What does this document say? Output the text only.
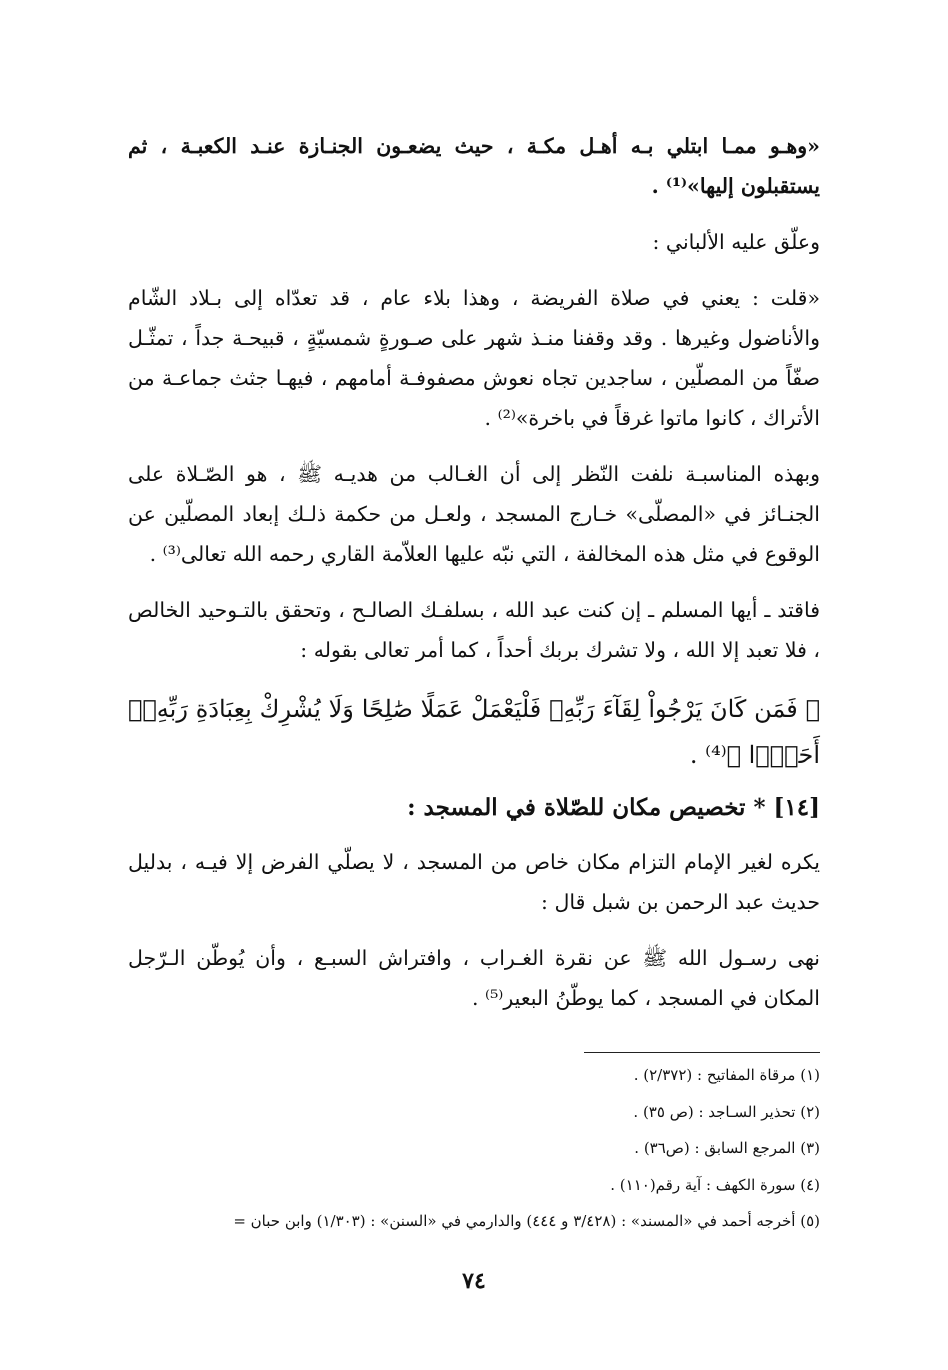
«وهـو ممـا ابتلي بـه أهـل مكـة ، حيث يضعـون الجنـازة عنـد الكعبـة ، ثم يستقبلون إليها»⁽¹⁾ .

وعلّق عليه الألباني :

«قلت : يعني في صلاة الفريضة ، وهذا بلاء عام ، قد تعدّاه إلى بـلاد الشّام والأناضول وغيرها . وقد وقفنا منـذ شهر على صـورةٍ شمسيّةٍ ، قبيحـة جداً ، تمثّـل صفّاً من المصلّين ، ساجدين تجاه نعوش مصفوفـة أمامهم ، فيهـا جثث جماعـة من الأتراك ، كانوا ماتوا غرقاً في باخرة»⁽²⁾ .

وبهذه المناسبـة نلفت النّظر إلى أن الغـالب من هديـه ﷺ ، هو الصّـلاة على الجنـائز في «المصلّى» خـارج المسجد ، ولعـل من حكمة ذلـك إبعاد المصلّين عن الوقوع في مثل هذه المخالفة ، التي نبّه عليها العلاّمة القاري رحمه الله تعالى⁽³⁾ .

فاقتد ـ أيها المسلم ـ إن كنت عبد الله ، بسلفـك الصالـح ، وتحقق بالتـوحيد الخالص ، فلا تعبد إلا الله ، ولا تشرك بربك أحداً ، كما أمر تعالى بقوله :

﴿ فَمَن كَانَ يَرْجُواْ لِقَآءَ رَبِّهِۦ فَلْيَعْمَلْ عَمَلًا صَٰلِحًا وَلَا يُشْرِكْ بِعِبَادَةِ رَبِّهِۦٓ أَحَدًۢا ﴾⁽⁴⁾ .

[١٤] * تخصيص مكان للصّلاة في المسجد :

يكره لغير الإمام التزام مكان خاص من المسجد ، لا يصلّي الفرض إلا فيـه ، بدليل حديث عبد الرحمن بن شبل قال :

نهى رسـول الله ﷺ عن نقرة الغـراب ، وافتراش السبـع ، وأن يُوطّن الـرّجل المكان في المسجد ، كما يوطّنُ البعير⁽⁵⁾ .

(١) مرقاة المفاتيح : (٢/٣٧٢) .

(٢) تحذير السـاجد : (ص ٣٥) .

(٣) المرجع السابق : (ص٣٦) .

(٤) سورة الكهف : آية رقم(١١٠) .

(٥) أخرجه أحمد في «المسند» : (٣/٤٢٨ و ٤٤٤) والدارمي في «السنن» : (١/٣٠٣) وابن حبان =

٧٤
